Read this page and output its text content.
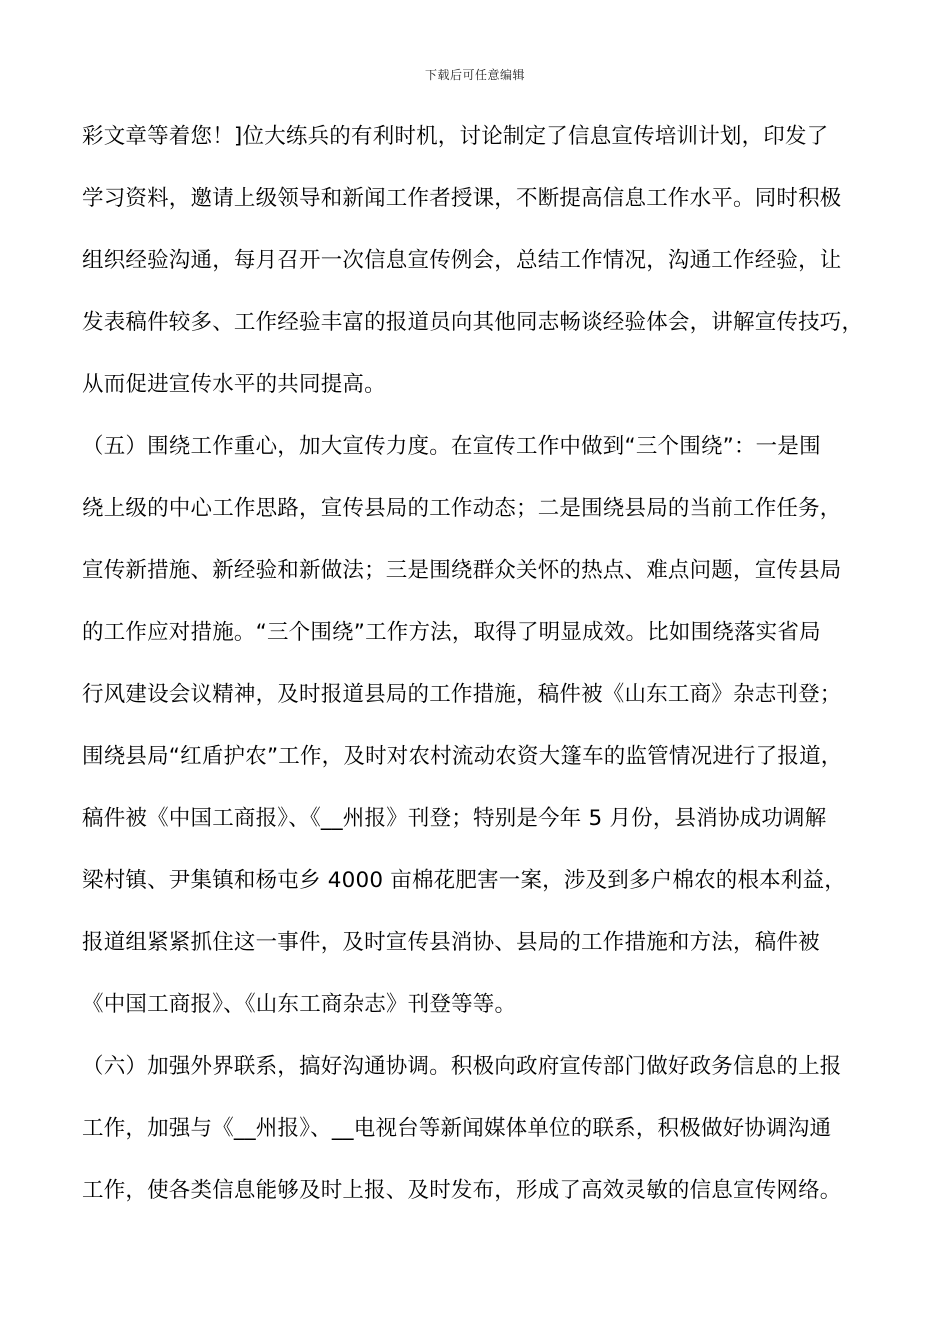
下载后可任意编辑
彩文章等着您！]位大练兵的有利时机，讨论制定了信息宣传培训计划，印发了
学习资料，邀请上级领导和新闻工作者授课，不断提高信息工作水平。同时积极
组织经验沟通，每月召开一次信息宣传例会，总结工作情况，沟通工作经验，让
发表稿件较多、工作经验丰富的报道员向其他同志畅谈经验体会，讲解宣传技巧，
从而促进宣传水平的共同提高。
（五）围绕工作重心，加大宣传力度。在宣传工作中做到“三个围绕”：一是围
绕上级的中心工作思路，宣传县局的工作动态；二是围绕县局的当前工作任务，
宣传新措施、新经验和新做法；三是围绕群众关怀的热点、难点问题，宣传县局
的工作应对措施。“三个围绕”工作方法，取得了明显成效。比如围绕落实省局
行风建设会议精神，及时报道县局的工作措施，稿件被《山东工商》杂志刊登；
围绕县局“红盾护农”工作，及时对农村流动农资大篷车的监管情况进行了报道，
稿件被《中国工商报》、《__州报》刊登；特别是今年 5 月份，县消协成功调解
梁村镇、尹集镇和杨屯乡 4000 亩棉花肥害一案，涉及到多户棉农的根本利益，
报道组紧紧抓住这一事件，及时宣传县消协、县局的工作措施和方法，稿件被
《中国工商报》、《山东工商杂志》刊登等等。
（六）加强外界联系，搞好沟通协调。积极向政府宣传部门做好政务信息的上报
工作，加强与《__州报》、__电视台等新闻媒体单位的联系，积极做好协调沟通
工作，使各类信息能够及时上报、及时发布，形成了高效灵敏的信息宣传网络。
